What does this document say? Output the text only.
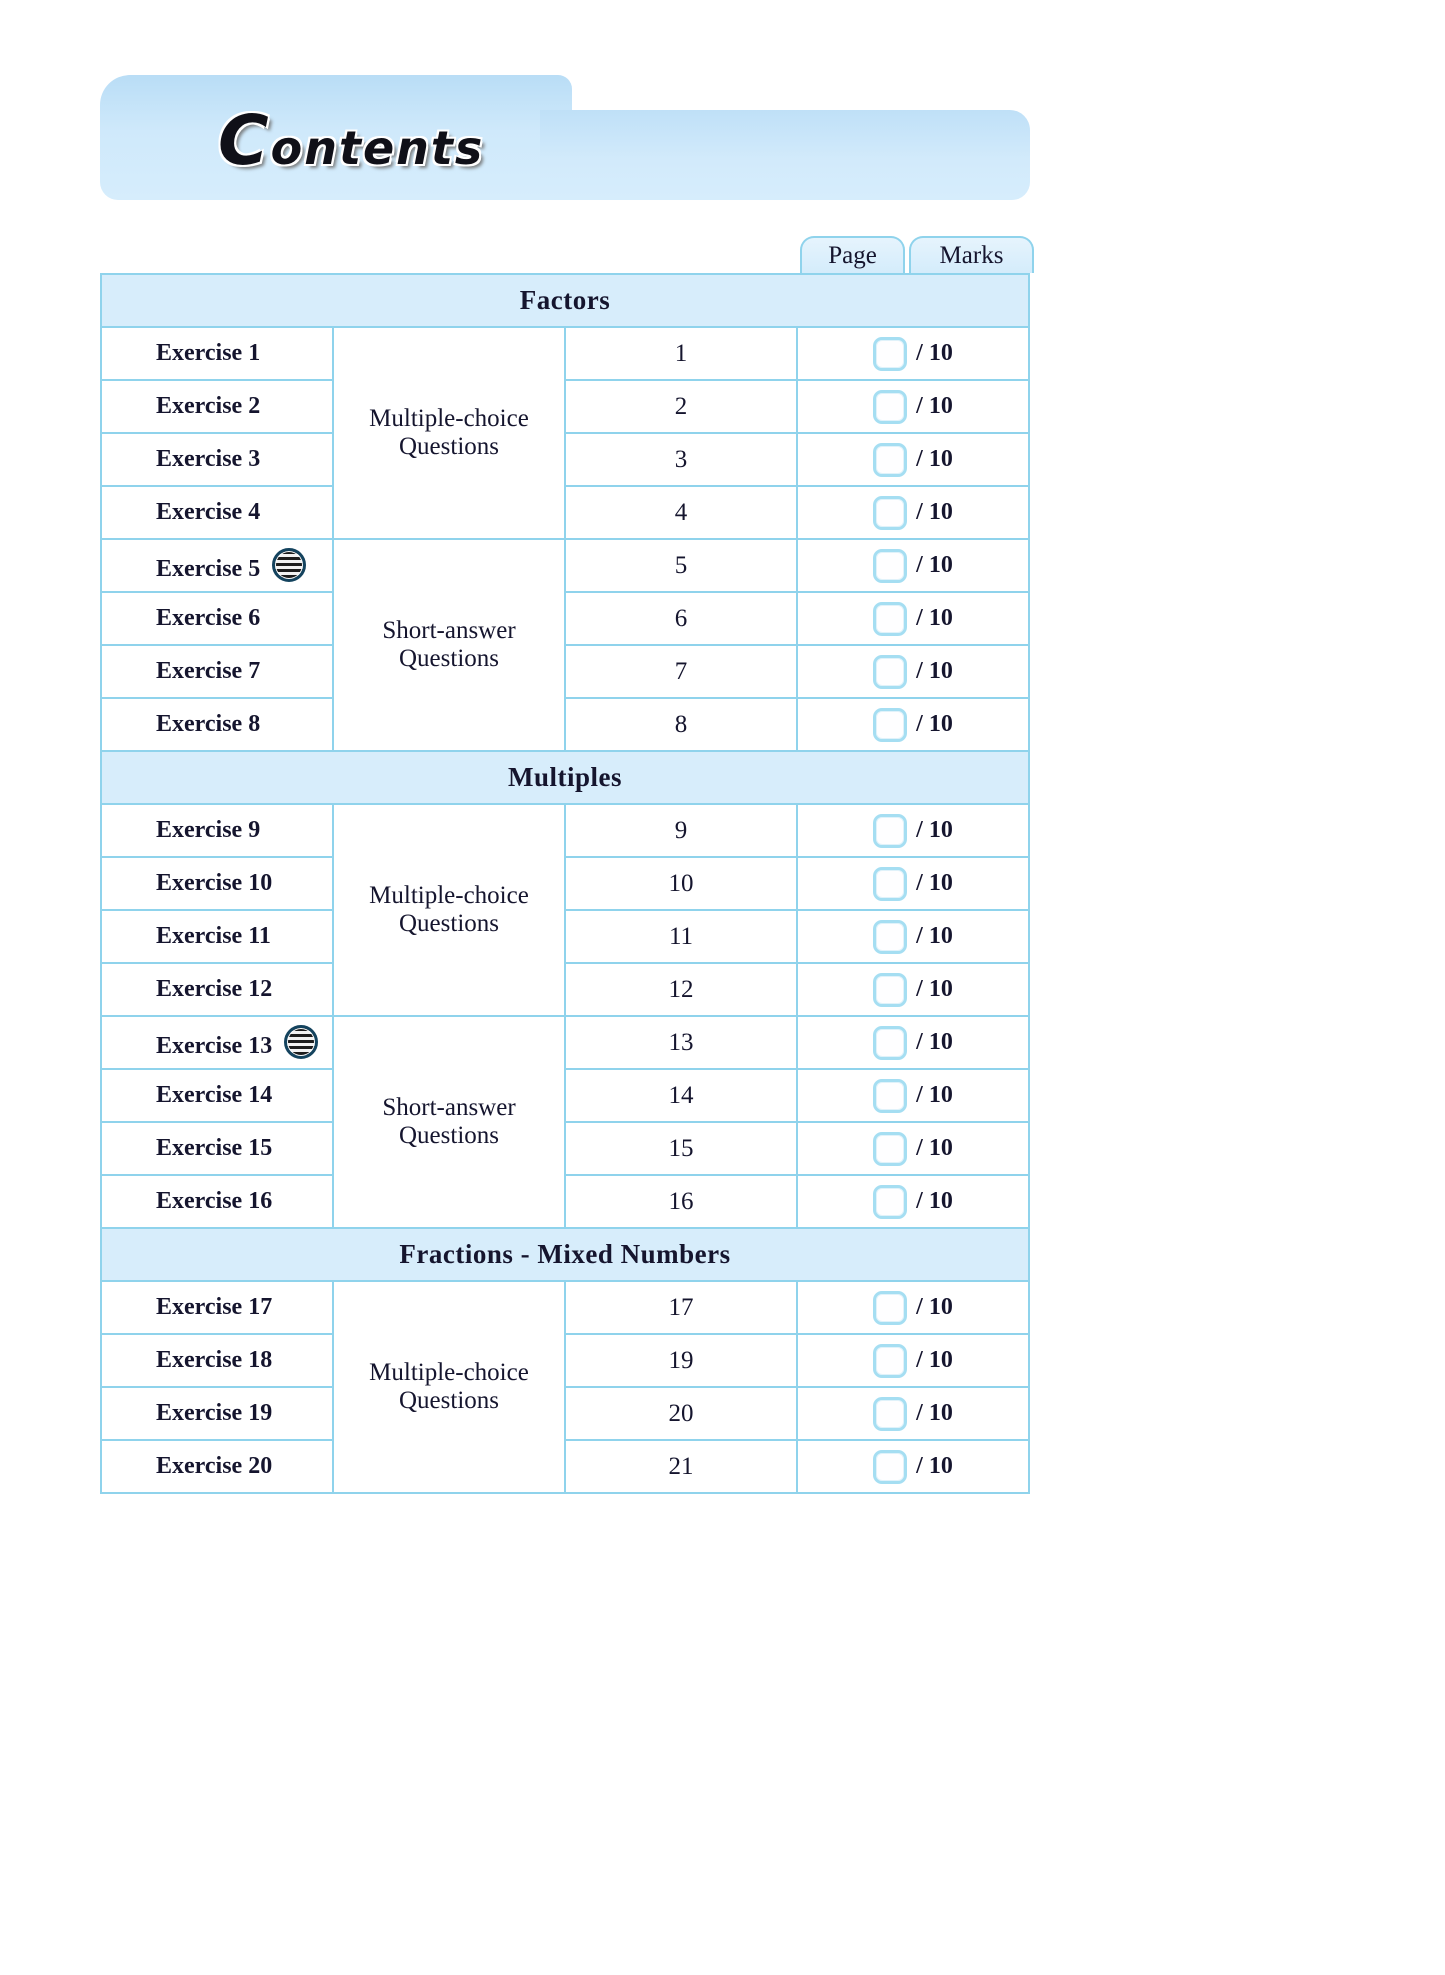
Contents
Page	Marks
Factors			
Exercise 1	Multiple-choice Questions	1	/ 10

Exercise 2		2	/ 10

Exercise 3		3	/ 10

Exercise 4		4	/ 10

Exercise 5	Short-answer Questions	5	/ 10

Exercise 6		6	/ 10

Exercise 7		7	/ 10

Exercise 8		8	/ 10

Multiples			
Exercise 9	Multiple-choice Questions	9	/ 10

Exercise 10		10	/ 10

Exercise 11		11	/ 10

Exercise 12		12	/ 10

Exercise 13	Short-answer Questions	13	/ 10

Exercise 14		14	/ 10

Exercise 15		15	/ 10

Exercise 16		16	/ 10

Fractions - Mixed Numbers			
Exercise 17	Multiple-choice Questions	17	/ 10

Exercise 18		19	/ 10

Exercise 19		20	/ 10

Exercise 20		21	/ 10
